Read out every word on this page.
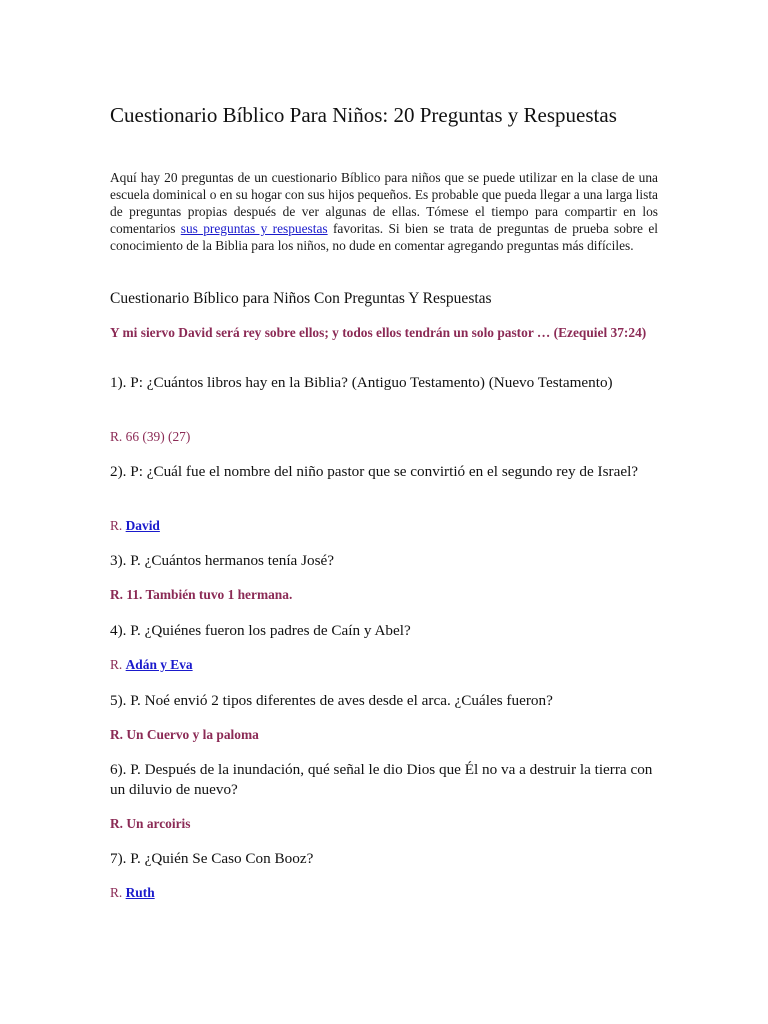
Cuestionario Bíblico Para Niños: 20 Preguntas y Respuestas

Aquí hay 20 preguntas de un cuestionario Bíblico para niños que se puede utilizar en la clase de una escuela dominical o en su hogar con sus hijos pequeños. Es probable que pueda llegar a una larga lista de preguntas propias después de ver algunas de ellas. Tómese el tiempo para compartir en los comentarios sus preguntas y respuestas favoritas. Si bien se trata de preguntas de prueba sobre el conocimiento de la Biblia para los niños, no dude en comentar agregando preguntas más difíciles.

Cuestionario Bíblico para Niños Con Preguntas Y Respuestas

Y mi siervo David será rey sobre ellos; y todos ellos tendrán un solo pastor … (Ezequiel 37:24)

1). P: ¿Cuántos libros hay en la Biblia? (Antiguo Testamento) (Nuevo Testamento)

R. 66 (39) (27)

2). P: ¿Cuál fue el nombre del niño pastor que se convirtió en el segundo rey de Israel?

R. David

3). P. ¿Cuántos hermanos tenía José?

R. 11. También tuvo 1 hermana.

4). P. ¿Quiénes fueron los padres de Caín y Abel?

R. Adán y Eva

5). P. Noé envió 2 tipos diferentes de aves desde el arca. ¿Cuáles fueron?

R. Un Cuervo y la paloma

6). P. Después de la inundación, qué señal le dio Dios que Él no va a destruir la tierra con un diluvio de nuevo?

R. Un arcoiris

7). P. ¿Quién Se Caso Con Booz?

R. Ruth
